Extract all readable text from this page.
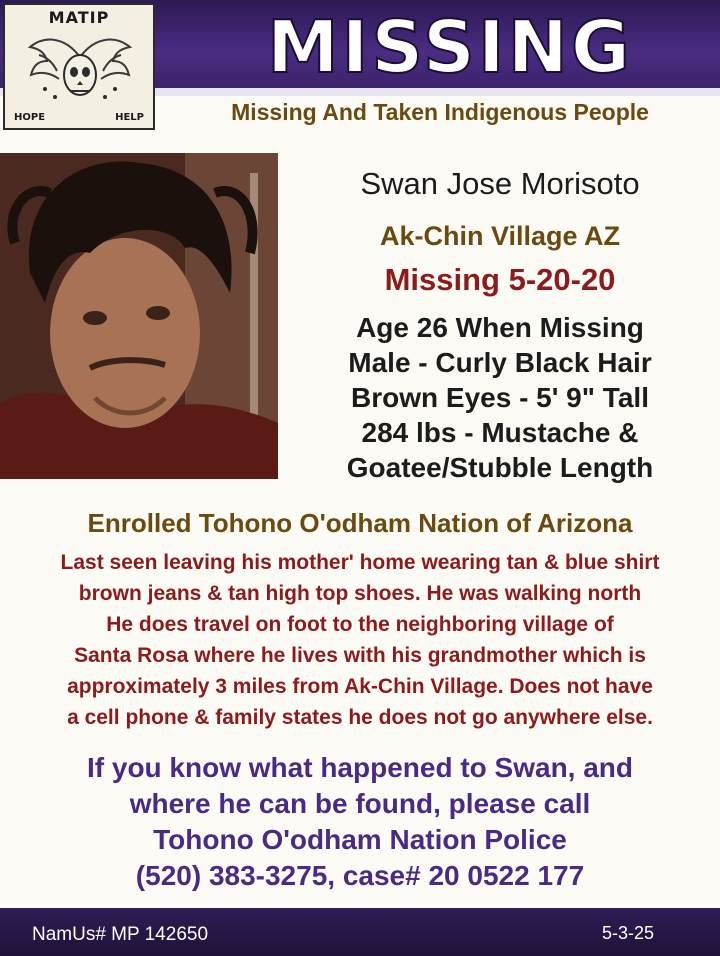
MATIP
HOPE	HELP
MISSING
Missing And Taken Indigenous People
Swan Jose Morisoto
Ak-Chin Village AZ
Missing 5-20-20
Age 26 When Missing
Male - Curly Black Hair
Brown Eyes - 5' 9" Tall
284 lbs - Mustache &
Goatee/Stubble Length
Enrolled Tohono O'odham Nation of Arizona
Last seen leaving his mother' home wearing tan & blue shirt
brown jeans & tan high top shoes. He was walking north
He does travel on foot to the neighboring village of
Santa Rosa where he lives with his grandmother which is
approximately 3 miles from Ak-Chin Village. Does not have
a cell phone & family states he does not go anywhere else.
If you know what happened to Swan, and
where he can be found, please call
Tohono O'odham Nation Police
(520) 383-3275, case# 20 0522 177
NamUs# MP 142650	5-3-25
